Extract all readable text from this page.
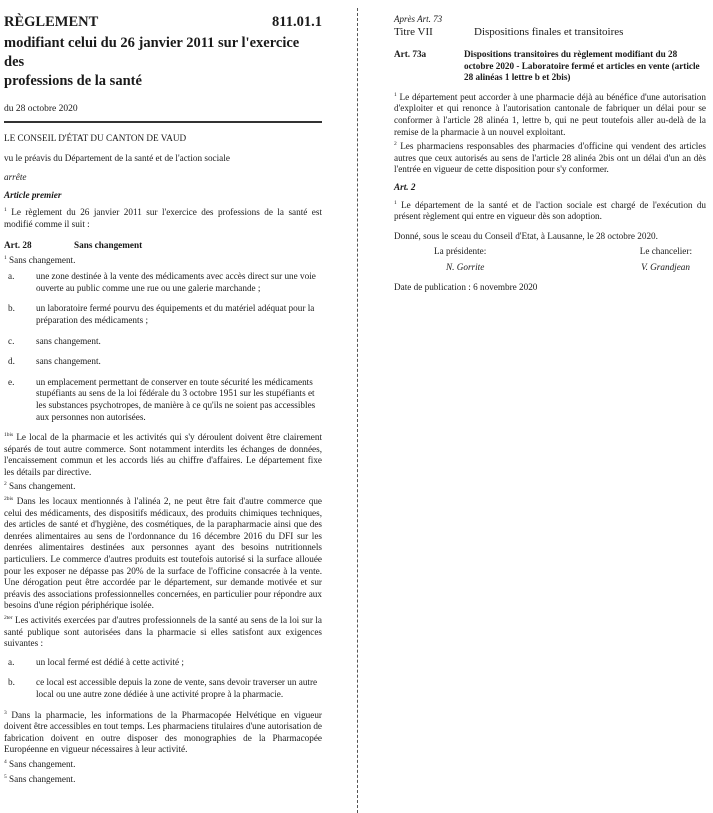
RÈGLEMENT	811.01.1
modifiant celui du 26 janvier 2011 sur l'exercice des
professions de la santé
du 28 octobre 2020

LE CONSEIL D'ÉTAT DU CANTON DE VAUD

vu le préavis du Département de la santé et de l'action sociale

arrête

Article premier

$^1$ Le règlement du 26 janvier 2011 sur l'exercice des professions de la santé est modifié comme il suit :

Art. 28	Sans changement

$^1$ Sans changement.

a.	une zone destinée à la vente des médicaments avec accès direct sur une voie ouverte au public comme une rue ou une galerie marchande ;
b.	un laboratoire fermé pourvu des équipements et du matériel adéquat pour la préparation des médicaments ;
c.	sans changement.
d.	sans changement.
e.	un emplacement permettant de conserver en toute sécurité les médicaments stupéfiants au sens de la loi fédérale du 3 octobre 1951 sur les stupéfiants et les substances psychotropes, de manière à ce qu'ils ne soient pas accessibles aux personnes non autorisées.

$^{1bis}$ Le local de la pharmacie et les activités qui s'y déroulent doivent être clairement séparés de tout autre commerce. Sont notamment interdits les échanges de données, l'encaissement commun et les accords liés au chiffre d'affaires. Le département fixe les détails par directive.

$^2$ Sans changement.

$^{2bis}$ Dans les locaux mentionnés à l'alinéa 2, ne peut être fait d'autre commerce que celui des médicaments, des dispositifs médicaux, des produits chimiques techniques, des articles de santé et d'hygiène, des cosmétiques, de la parapharmacie ainsi que des denrées alimentaires au sens de l'ordonnance du 16 décembre 2016 du DFI sur les denrées alimentaires destinées aux personnes ayant des besoins nutritionnels particuliers. Le commerce d'autres produits est toutefois autorisé si la surface allouée pour les exposer ne dépasse pas 20% de la surface de l'officine consacrée à la vente. Une dérogation peut être accordée par le département, sur demande motivée et sur préavis des associations professionnelles concernées, en particulier pour répondre aux besoins d'une région périphérique isolée.

$^{2ter}$ Les activités exercées par d'autres professionnels de la santé au sens de la loi sur la santé publique sont autorisées dans la pharmacie si elles satisfont aux exigences suivantes :

a.	un local fermé est dédié à cette activité ;
b.	ce local est accessible depuis la zone de vente, sans devoir traverser un autre local ou une autre zone dédiée à une activité propre à la pharmacie.

$^3$ Dans la pharmacie, les informations de la Pharmacopée Helvétique en vigueur doivent être accessibles en tout temps. Les pharmaciens titulaires d'une autorisation de fabrication doivent en outre disposer des monographies de la Pharmacopée Européenne en vigueur nécessaires à leur activité.

$^4$ Sans changement.

$^5$ Sans changement.

Après Art. 73
Titre VII	Dispositions finales et transitoires
Art. 73a	Dispositions transitoires du règlement modifiant du 28 octobre 2020 - Laboratoire fermé et articles en vente (article 28 alinéas 1 lettre b et 2bis)

$^1$ Le département peut accorder à une pharmacie déjà au bénéfice d'une autorisation d'exploiter et qui renonce à l'autorisation cantonale de fabriquer un délai pour se conformer à l'article 28 alinéa 1, lettre b, qui ne peut toutefois aller au-delà de la remise de la pharmacie à un nouvel exploitant.

$^2$ Les pharmaciens responsables des pharmacies d'officine qui vendent des articles autres que ceux autorisés au sens de l'article 28 alinéa 2bis ont un délai d'un an dès l'entrée en vigueur de cette disposition pour s'y conformer.

Art. 2

$^1$ Le département de la santé et de l'action sociale est chargé de l'exécution du présent règlement qui entre en vigueur dès son adoption.

Donné, sous le sceau du Conseil d'Etat, à Lausanne, le 28 octobre 2020.

La présidente:	Le chancelier:
N. Gorrite	V. Grandjean

Date de publication : 6 novembre 2020
